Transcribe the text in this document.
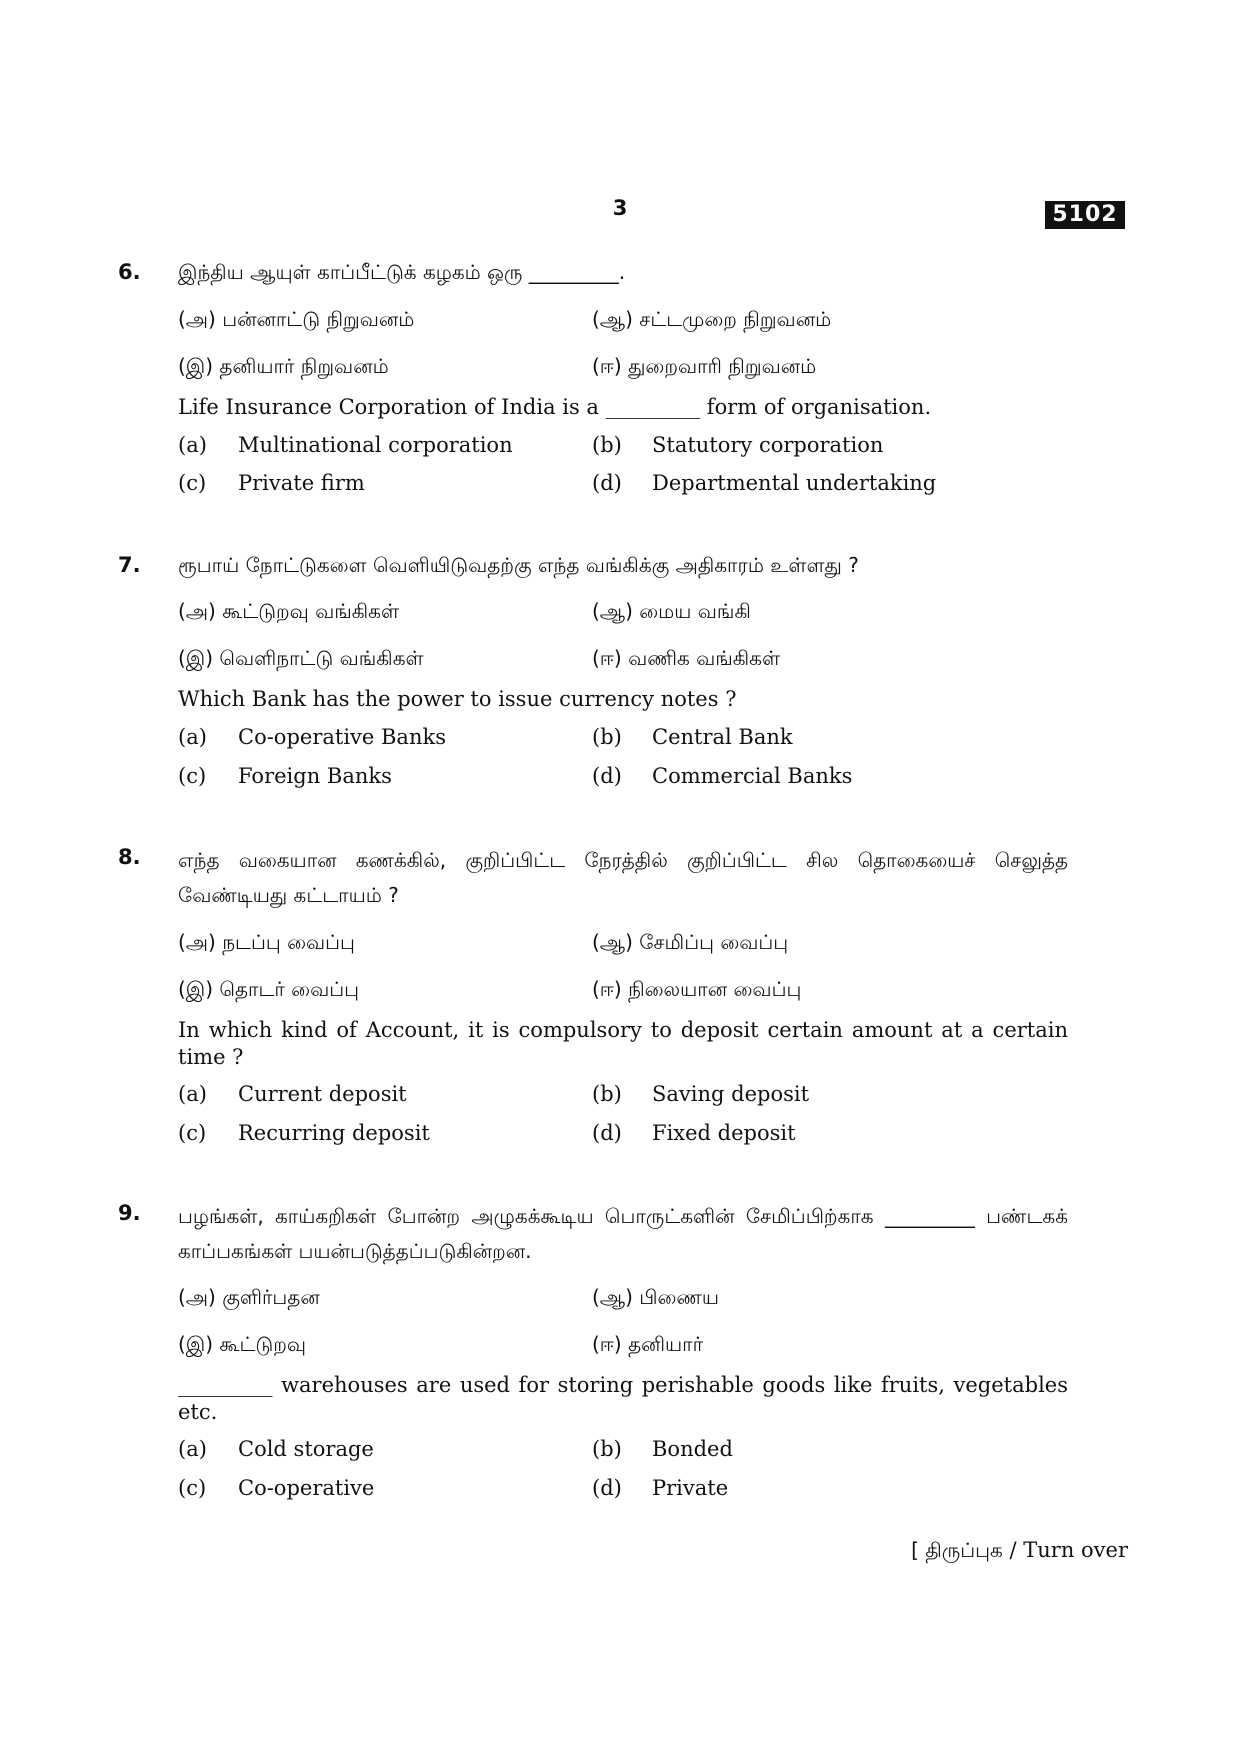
3	5102
6. இந்திய ஆயுள் காப்பீட்டுக் கழகம் ஒரு _________.
(அ) பன்னாட்டு நிறுவனம்	(ஆ) சட்டமுறை நிறுவனம்
(இ) தனியார் நிறுவனம்	(ஈ) துறைவாரி நிறுவனம்
Life Insurance Corporation of India is a _________ form of organisation.
(a) Multinational corporation	(b) Statutory corporation
(c) Private firm	(d) Departmental undertaking
7. ரூபாய் நோட்டுகளை வெளியிடுவதற்கு எந்த வங்கிக்கு அதிகாரம் உள்ளது ?
(அ) கூட்டுறவு வங்கிகள்	(ஆ) மைய வங்கி
(இ) வெளிநாட்டு வங்கிகள்	(ஈ) வணிக வங்கிகள்
Which Bank has the power to issue currency notes ?
(a) Co-operative Banks	(b) Central Bank
(c) Foreign Banks	(d) Commercial Banks
8. எந்த வகையான கணக்கில், குறிப்பிட்ட நேரத்தில் குறிப்பிட்ட சில தொகையைச் செலுத்த வேண்டியது கட்டாயம் ?
(அ) நடப்பு வைப்பு	(ஆ) சேமிப்பு வைப்பு
(இ) தொடர் வைப்பு	(ஈ) நிலையான வைப்பு
In which kind of Account, it is compulsory to deposit certain amount at a certain time ?
(a) Current deposit	(b) Saving deposit
(c) Recurring deposit	(d) Fixed deposit
9. பழங்கள், காய்கறிகள் போன்ற அழுகக்கூடிய பொருட்களின் சேமிப்பிற்காக _________ பண்டகக் காப்பகங்கள் பயன்படுத்தப்படுகின்றன.
(அ) குளிர்பதன	(ஆ) பிணைய
(இ) கூட்டுறவு	(ஈ) தனியார்
_________ warehouses are used for storing perishable goods like fruits, vegetables etc.
(a) Cold storage	(b) Bonded
(c) Co-operative	(d) Private
[ திருப்புக / Turn over
